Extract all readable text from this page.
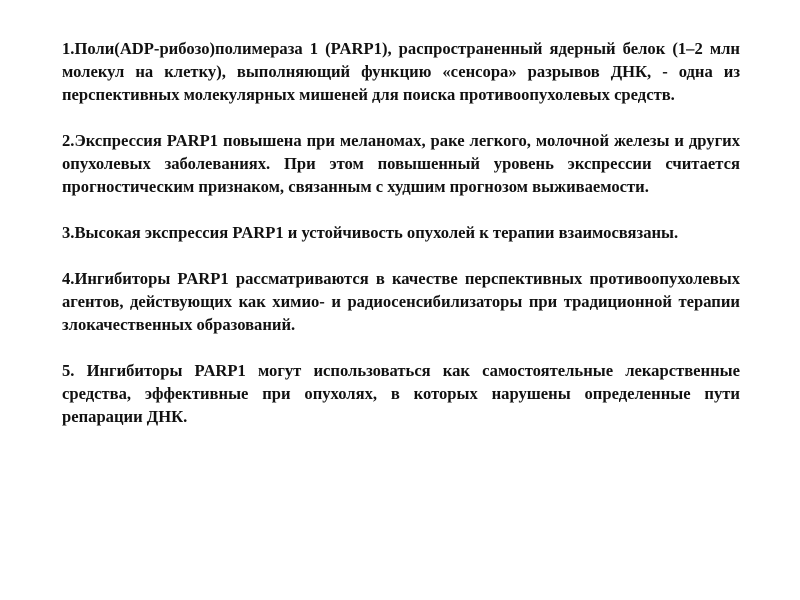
1.Поли(ADP-рибозо)полимераза 1 (PARP1), распространенный ядерный белок (1–2 млн молекул на клетку), выполняющий функцию «сенсора» разрывов ДНК, - одна из перспективных молекулярных мишеней для поиска противоопухолевых средств.

2.Экспрессия PARP1 повышена при меланомах, раке легкого, молочной железы и других опухолевых заболеваниях. При этом повышенный уровень экспрессии считается прогностическим признаком, связанным с худшим прогнозом выживаемости.

3.Высокая экспрессия PARP1 и устойчивость опухолей к терапии взаимосвязаны.

4.Ингибиторы PARP1 рассматриваются в качестве перспективных противоопухолевых агентов, действующих как химио- и радиосенсибилизаторы при традиционной терапии злокачественных образований.

5. Ингибиторы PARP1 могут использоваться как самостоятельные лекарственные средства, эффективные при опухолях, в которых нарушены определенные пути репарации ДНК.
